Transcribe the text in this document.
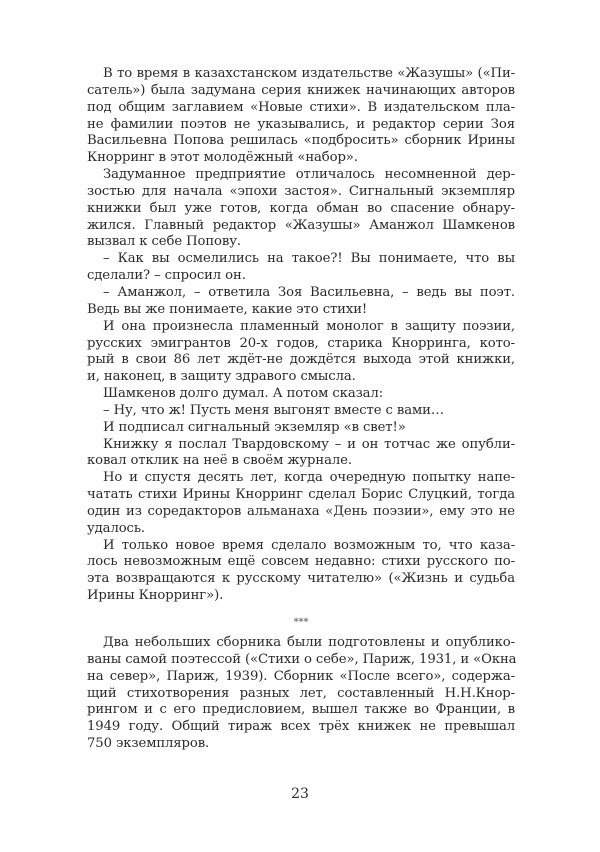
В то время в казахстанском издательстве «Жазушы» («Пи-
сатель») была задумана серия книжек начинающих авторов
под общим заглавием «Новые стихи». В издательском пла-
не фамилии поэтов не указывались, и редактор серии Зоя
Васильевна Попова решилась «подбросить» сборник Ирины
Кнорринг в этот молодёжный «набор».
Задуманное предприятие отличалось несомненной дер-
зостью для начала «эпохи застоя». Сигнальный экземпляр
книжки был уже готов, когда обман во спасение обнару-
жился. Главный редактор «Жазушы» Аманжол Шамкенов
вызвал к себе Попову.
– Как вы осмелились на такое?! Вы понимаете, что вы
сделали? – спросил он.
– Аманжол, – ответила Зоя Васильевна, – ведь вы поэт.
Ведь вы же понимаете, какие это стихи!
И она произнесла пламенный монолог в защиту поэзии,
русских эмигрантов 20-х годов, старика Кнорринга, кото-
рый в свои 86 лет ждёт-не дождётся выхода этой книжки,
и, наконец, в защиту здравого смысла.
Шамкенов долго думал. А потом сказал:
– Ну, что ж! Пусть меня выгонят вместе с вами…
И подписал сигнальный экземляр «в свет!»
Книжку я послал Твардовскому – и он тотчас же опубли-
ковал отклик на неё в своём журнале.
Но и спустя десять лет, когда очередную попытку напе-
чатать стихи Ирины Кнорринг сделал Борис Слуцкий, тогда
один из соредакторов альманаха «День поэзии», ему это не
удалось.
И только новое время сделало возможным то, что каза-
лось невозможным ещё совсем недавно: стихи русского по-
эта возвращаются к русскому читателю» («Жизнь и судьба
Ирины Кнорринг»).
***
Два небольших сборника были подготовлены и опублико-
ваны самой поэтессой («Стихи о себе», Париж, 1931, и «Окна
на север», Париж, 1939). Сборник «После всего», содержа-
щий стихотворения разных лет, составленный Н.Н.Кнор-
рингом и с его предисловием, вышел также во Франции, в
1949 году. Общий тираж всех трёх книжек не превышал
750 экземпляров.
23
